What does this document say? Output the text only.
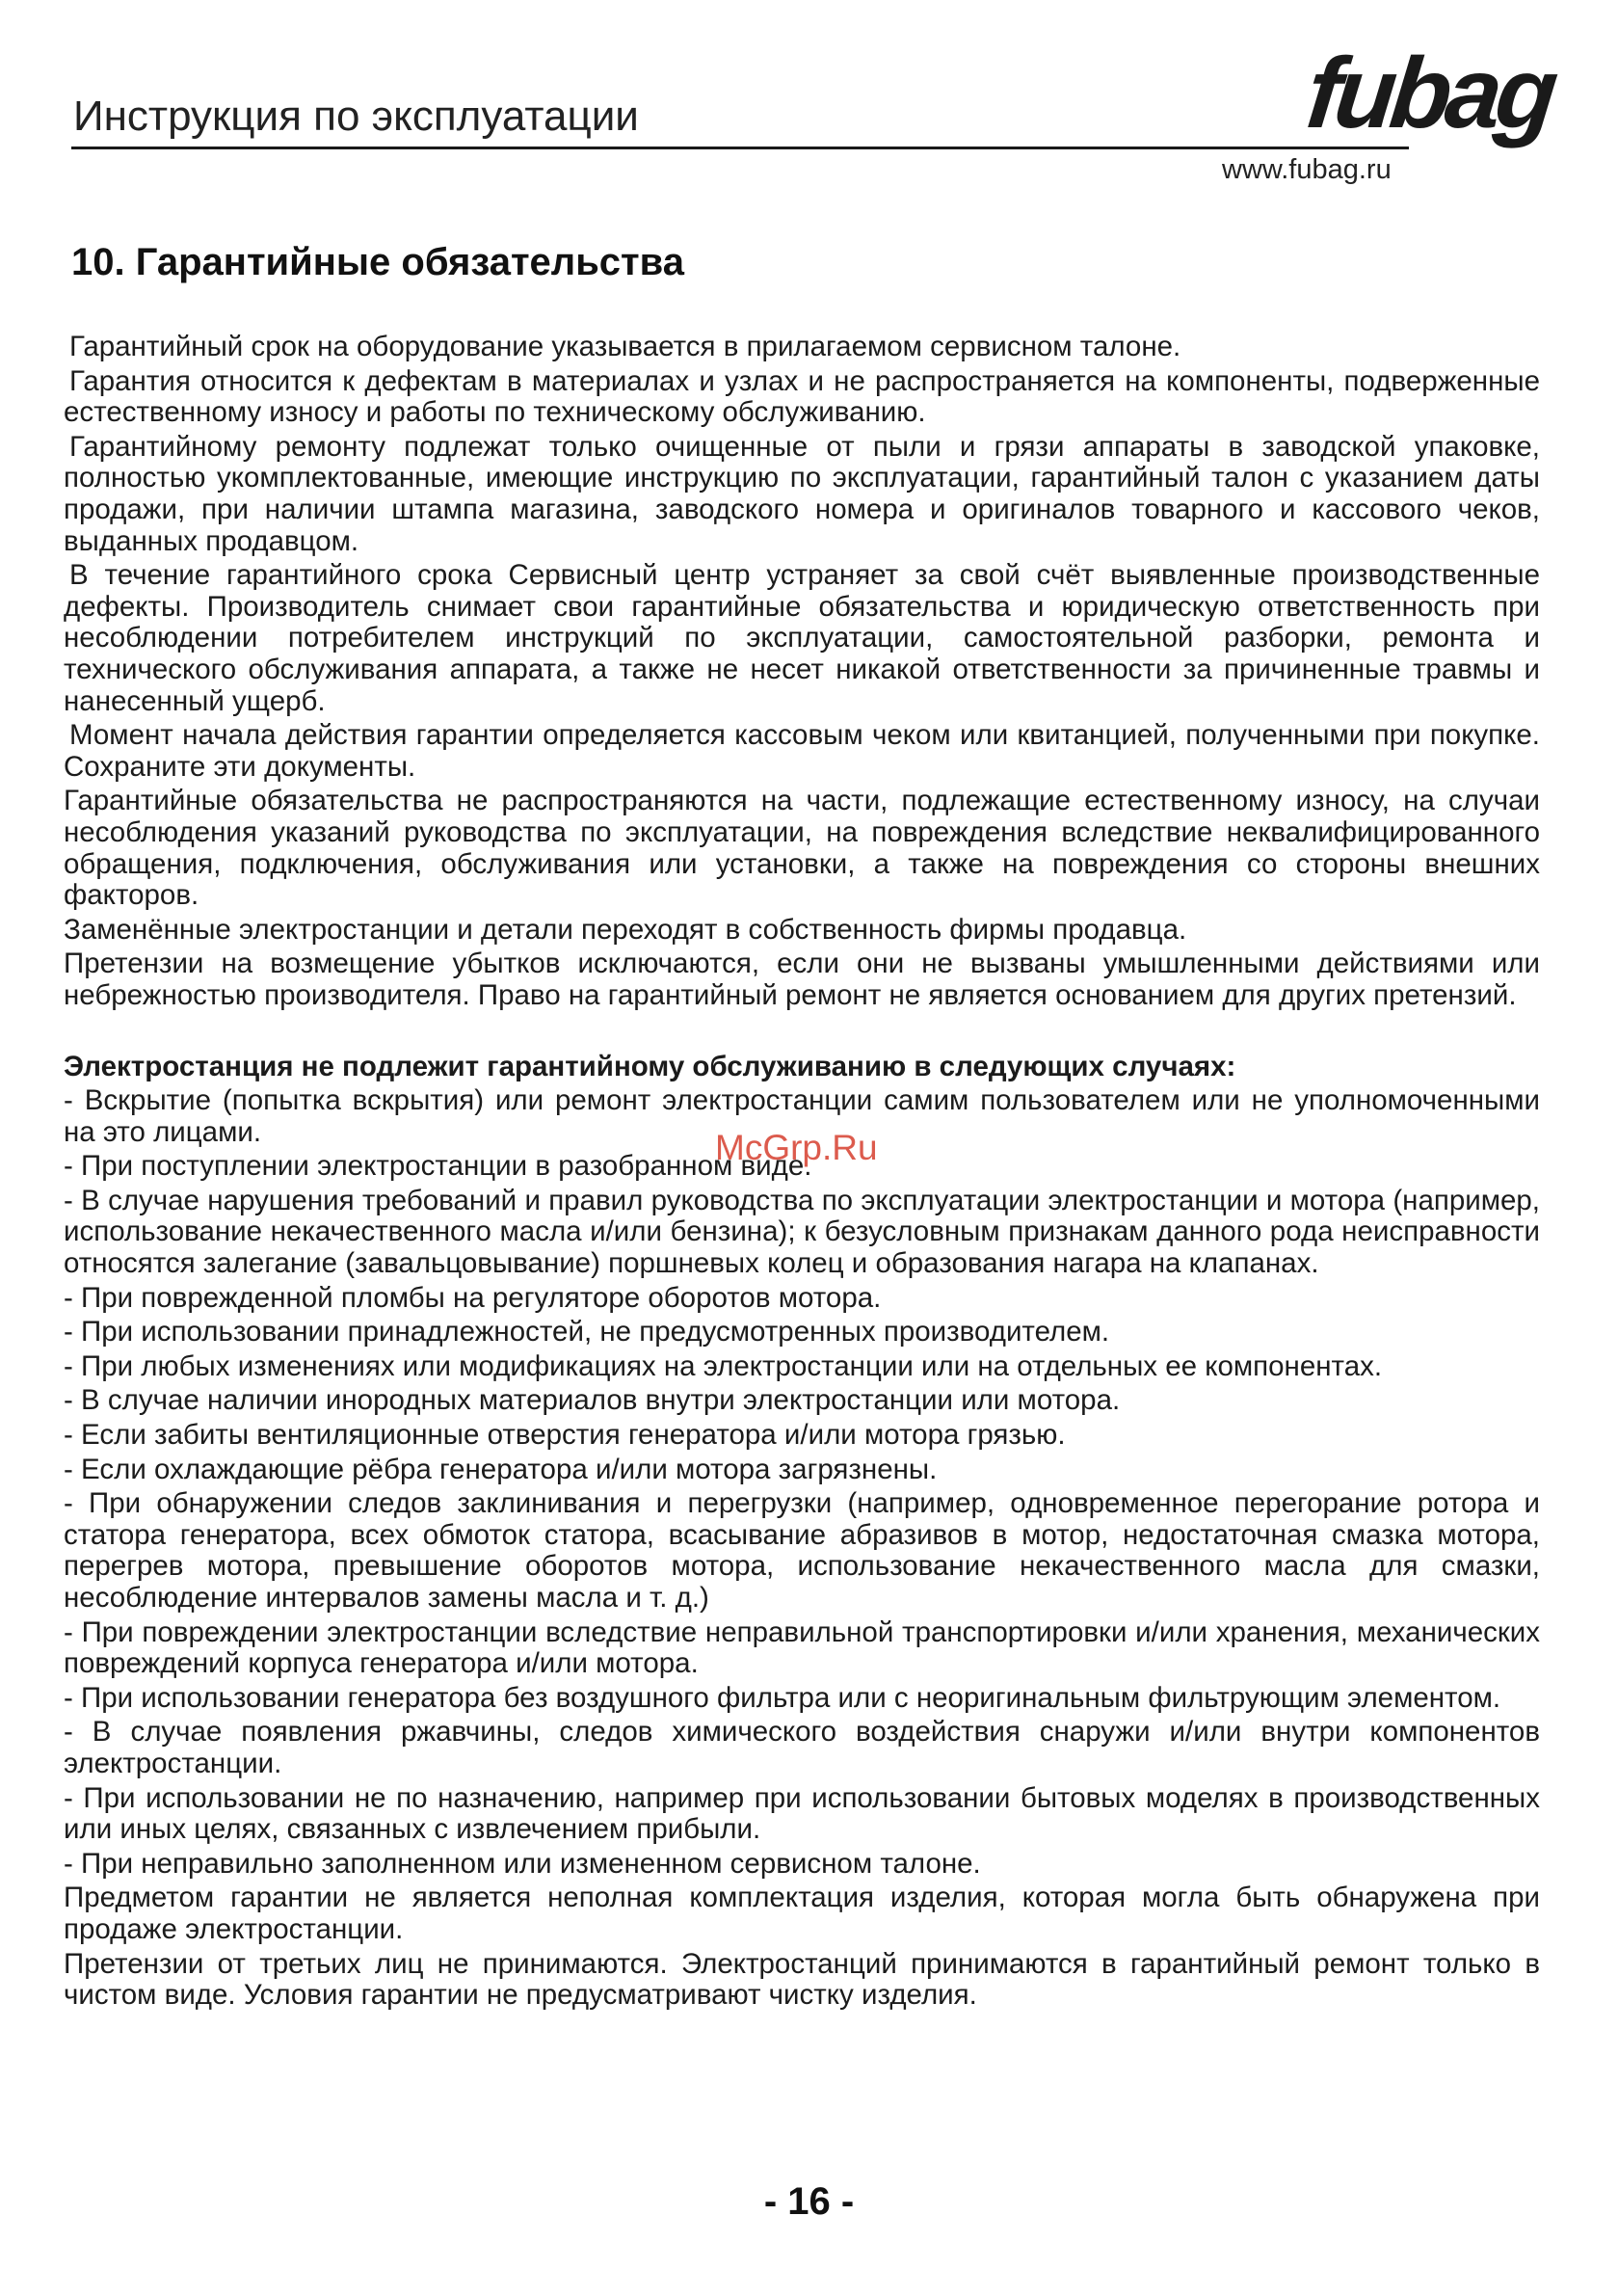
Инструкция по эксплуатации	fubag
www.fubag.ru
10. Гарантийные обязательства

Гарантийный срок на оборудование указывается в прилагаемом сервисном талоне.

Гарантия относится к дефектам в материалах и узлах и не распространяется на компоненты, подверженные естественному износу и работы по техническому обслуживанию.

Гарантийному ремонту подлежат только очищенные от пыли и грязи аппараты в заводской упаковке, полностью укомплектованные, имеющие инструкцию по эксплуатации, гарантийный талон с указанием даты продажи, при наличии штампа магазина, заводского номера и оригиналов товарного и кассового чеков, выданных продавцом.

В течение гарантийного срока Сервисный центр устраняет за свой счёт выявленные производственные дефекты. Производитель снимает свои гарантийные обязательства и юридическую ответственность при несоблюдении потребителем инструкций по эксплуатации, самостоятельной разборки, ремонта и технического обслуживания аппарата, а также не несет никакой ответственности за причиненные травмы и нанесенный ущерб.

Момент начала действия гарантии определяется кассовым чеком или квитанцией, полученными при покупке. Сохраните эти документы.

Гарантийные обязательства не распространяются на части, подлежащие естественному износу, на случаи несоблюдения указаний руководства по эксплуатации, на повреждения вследствие неквалифицированного обращения, подключения, обслуживания или установки, а также на повреждения со стороны внешних факторов.

Заменённые электростанции и детали переходят в собственность фирмы продавца.

Претензии на возмещение убытков исключаются, если они не вызваны умышленными действиями или небрежностью производителя. Право на гарантийный ремонт не является основанием для других претензий.

Электростанция не подлежит гарантийному обслуживанию в следующих случаях:

- Вскрытие (попытка вскрытия) или ремонт электростанции самим пользователем или не уполномоченными на это лицами.

- При поступлении электростанции в разобранном виде.

- В случае нарушения требований и правил руководства по эксплуатации электростанции и мотора (например, использование некачественного масла и/или бензина); к безусловным признакам данного рода неисправности относятся залегание (завальцовывание) поршневых колец и образования нагара на клапанах.

- При поврежденной пломбы на регуляторе оборотов мотора.

- При использовании принадлежностей, не предусмотренных производителем.

- При любых изменениях или модификациях на электростанции или на отдельных ее компонентах.

- В случае наличии инородных материалов внутри электростанции или мотора.

- Если забиты вентиляционные отверстия генератора и/или мотора грязью.

- Если охлаждающие рёбра генератора и/или мотора загрязнены.

- При обнаружении следов заклинивания и перегрузки (например, одновременное перегорание ротора и статора генератора, всех обмоток статора, всасывание абразивов в мотор, недостаточная смазка мотора, перегрев мотора, превышение оборотов мотора, использование некачественного масла для смазки, несоблюдение интервалов замены масла и т. д.)

- При повреждении электростанции вследствие неправильной транспортировки и/или хранения, механических повреждений корпуса генератора и/или мотора.

- При использовании генератора без воздушного фильтра или с неоригинальным фильтрующим элементом.

- В случае появления ржавчины, следов химического воздействия снаружи и/или внутри компонентов электростанции.

- При использовании не по назначению, например при использовании бытовых моделях в производственных или иных целях, связанных с извлечением прибыли.

- При неправильно заполненном или измененном сервисном талоне.

Предметом гарантии не является неполная комплектация изделия, которая могла быть обнаружена при продаже электростанции.

Претензии от третьих лиц не принимаются. Электростанций принимаются в гарантийный ремонт только в чистом виде. Условия гарантии не предусматривают чистку изделия.

McGrp.Ru
- 16 -
